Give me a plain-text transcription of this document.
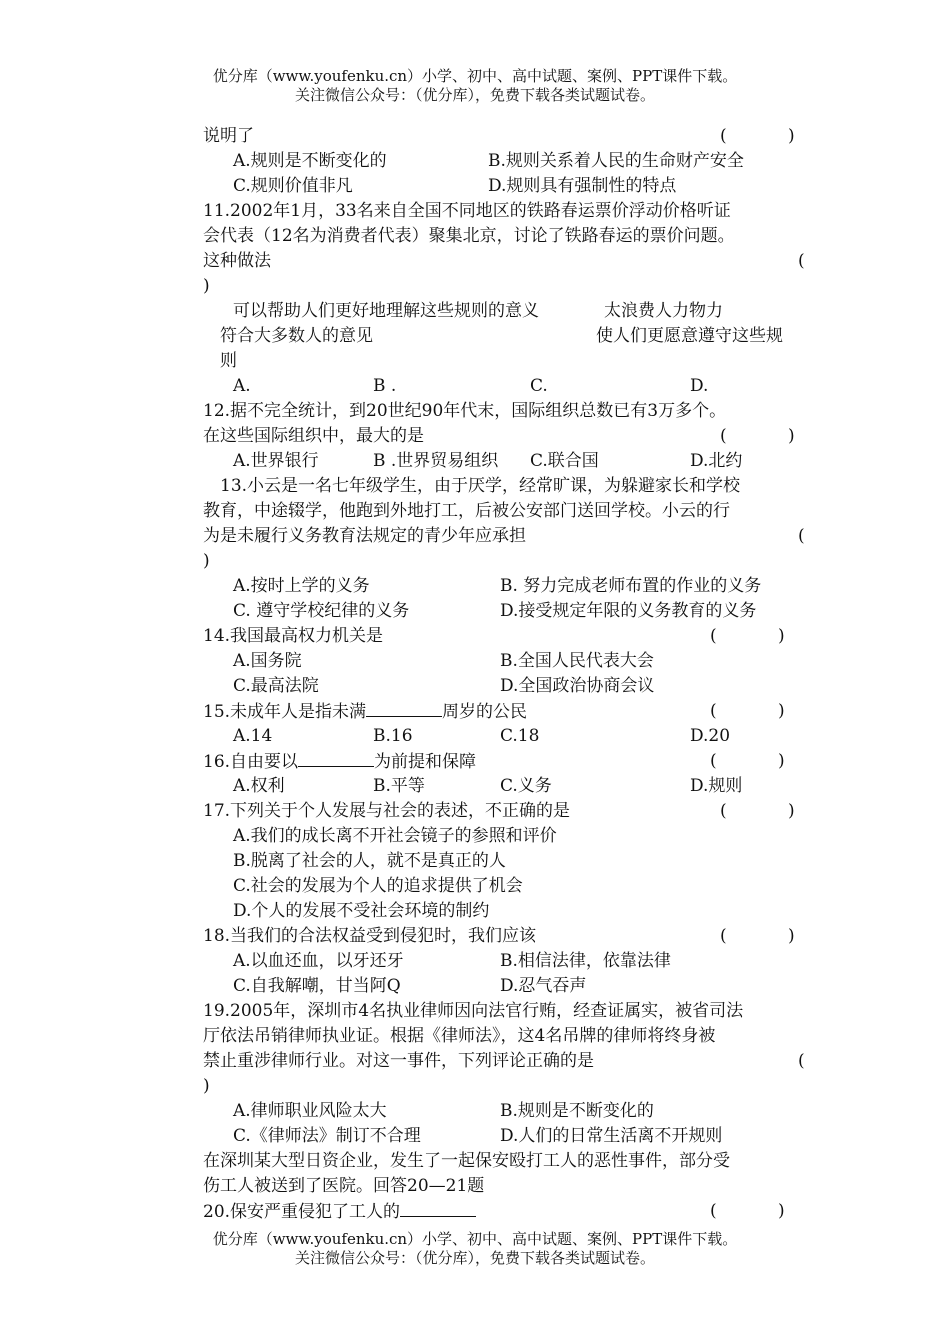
优分库（www.youfenku.cn）小学、初中、高中试题、案例、PPT课件下载。
关注微信公众号：（优分库），免费下载各类试题试卷。
说明了	(	)
A.规则是不断变化的	B.规则关系着人民的生命财产安全
C.规则价值非凡	D.规则具有强制性的特点
11.2002年1月，33名来自全国不同地区的铁路春运票价浮动价格听证
会代表（12名为消费者代表）聚集北京，讨论了铁路春运的票价问题。
这种做法	(
)
可以帮助人们更好地理解这些规则的意义	太浪费人力物力
符合大多数人的意见	使人们更愿意遵守这些规
则
A.	B .	C.	D.
12.据不完全统计，到20世纪90年代末，国际组织总数已有3万多个。
在这些国际组织中，最大的是	(	)
A.世界银行	B .世界贸易组织 C.联合国	D.北约
13.小云是一名七年级学生，由于厌学，经常旷课，为躲避家长和学校
教育，中途辍学，他跑到外地打工，后被公安部门送回学校。小云的行
为是未履行义务教育法规定的青少年应承担	(
)
A.按时上学的义务	B. 努力完成老师布置的作业的义务
C. 遵守学校纪律的义务	D.接受规定年限的义务教育的义务
14.我国最高权力机关是	(	)
A.国务院	B.全国人民代表大会
C.最高法院	D.全国政治协商会议
15.未成年人是指未满	周岁的公民	(	)
A.14	B.16	C.18	D.20
16.自由要以	为前提和保障	(	)
A.权利	B.平等	C.义务	D.规则
17.下列关于个人发展与社会的表述，不正确的是	(	)
A.我们的成长离不开社会镜子的参照和评价
B.脱离了社会的人，就不是真正的人
C.社会的发展为个人的追求提供了机会
D.个人的发展不受社会环境的制约
18.当我们的合法权益受到侵犯时，我们应该	(	)
A.以血还血，以牙还牙	B.相信法律，依靠法律
C.自我解嘲，甘当阿Q	D.忍气吞声
19.2005年，深圳市4名执业律师因向法官行贿，经查证属实，被省司法
厅依法吊销律师执业证。根据《律师法》，这4名吊牌的律师将终身被
禁止重涉律师行业。对这一事件，下列评论正确的是	(
)
A.律师职业风险太大	B.规则是不断变化的
C.《律师法》制订不合理	D.人们的日常生活离不开规则
在深圳某大型日资企业，发生了一起保安殴打工人的恶性事件，部分受
伤工人被送到了医院。回答20—21题
20.保安严重侵犯了工人的	(	)
优分库（www.youfenku.cn）小学、初中、高中试题、案例、PPT课件下载。
关注微信公众号：（优分库），免费下载各类试题试卷。
